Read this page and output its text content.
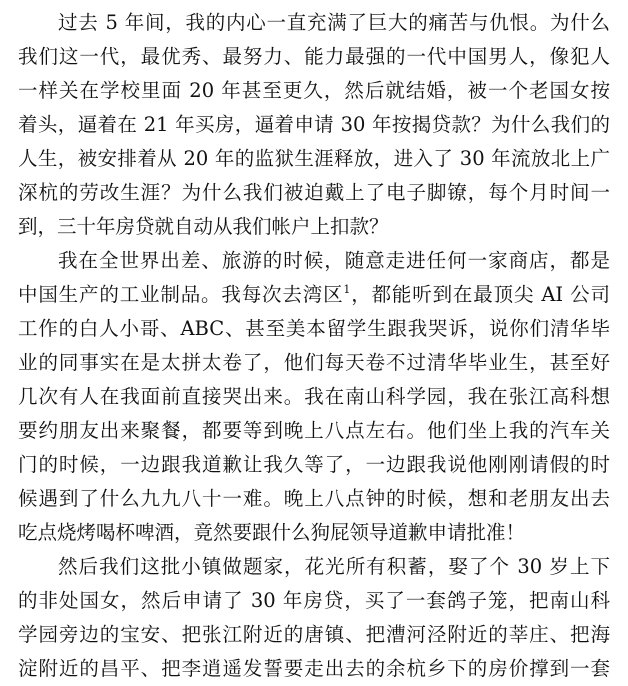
过去 5 年间，我的内心一直充满了巨大的痛苦与仇恨。为什么
我们这一代，最优秀、最努力、能力最强的一代中国男人，像犯人
一样关在学校里面 20 年甚至更久，然后就结婚，被一个老国女按
着头，逼着在 21 年买房，逼着申请 30 年按揭贷款？为什么我们的
人生，被安排着从 20 年的监狱生涯释放，进入了 30 年流放北上广
深杭的劳改生涯？为什么我们被迫戴上了电子脚镣，每个月时间一
到，三十年房贷就自动从我们帐户上扣款？
我在全世界出差、旅游的时候，随意走进任何一家商店，都是
中国生产的工业制品。我每次去湾区$^1$，都能听到在最顶尖 AI 公司
工作的白人小哥、ABC、甚至美本留学生跟我哭诉，说你们清华毕
业的同事实在是太拼太卷了，他们每天卷不过清华毕业生，甚至好
几次有人在我面前直接哭出来。我在南山科学园，我在张江高科想
要约朋友出来聚餐，都要等到晚上八点左右。他们坐上我的汽车关
门的时候，一边跟我道歉让我久等了，一边跟我说他刚刚请假的时
候遇到了什么九九八十一难。晚上八点钟的时候，想和老朋友出去
吃点烧烤喝杯啤酒，竟然要跟什么狗屁领导道歉申请批准！
然后我们这批小镇做题家，花光所有积蓄，娶了个 30 岁上下
的非处国女，然后申请了 30 年房贷，买了一套鸽子笼，把南山科
学园旁边的宝安、把张江附近的唐镇、把漕河泾附近的莘庄、把海
淀附近的昌平、把李逍遥发誓要走出去的余杭乡下的房价撑到一套
